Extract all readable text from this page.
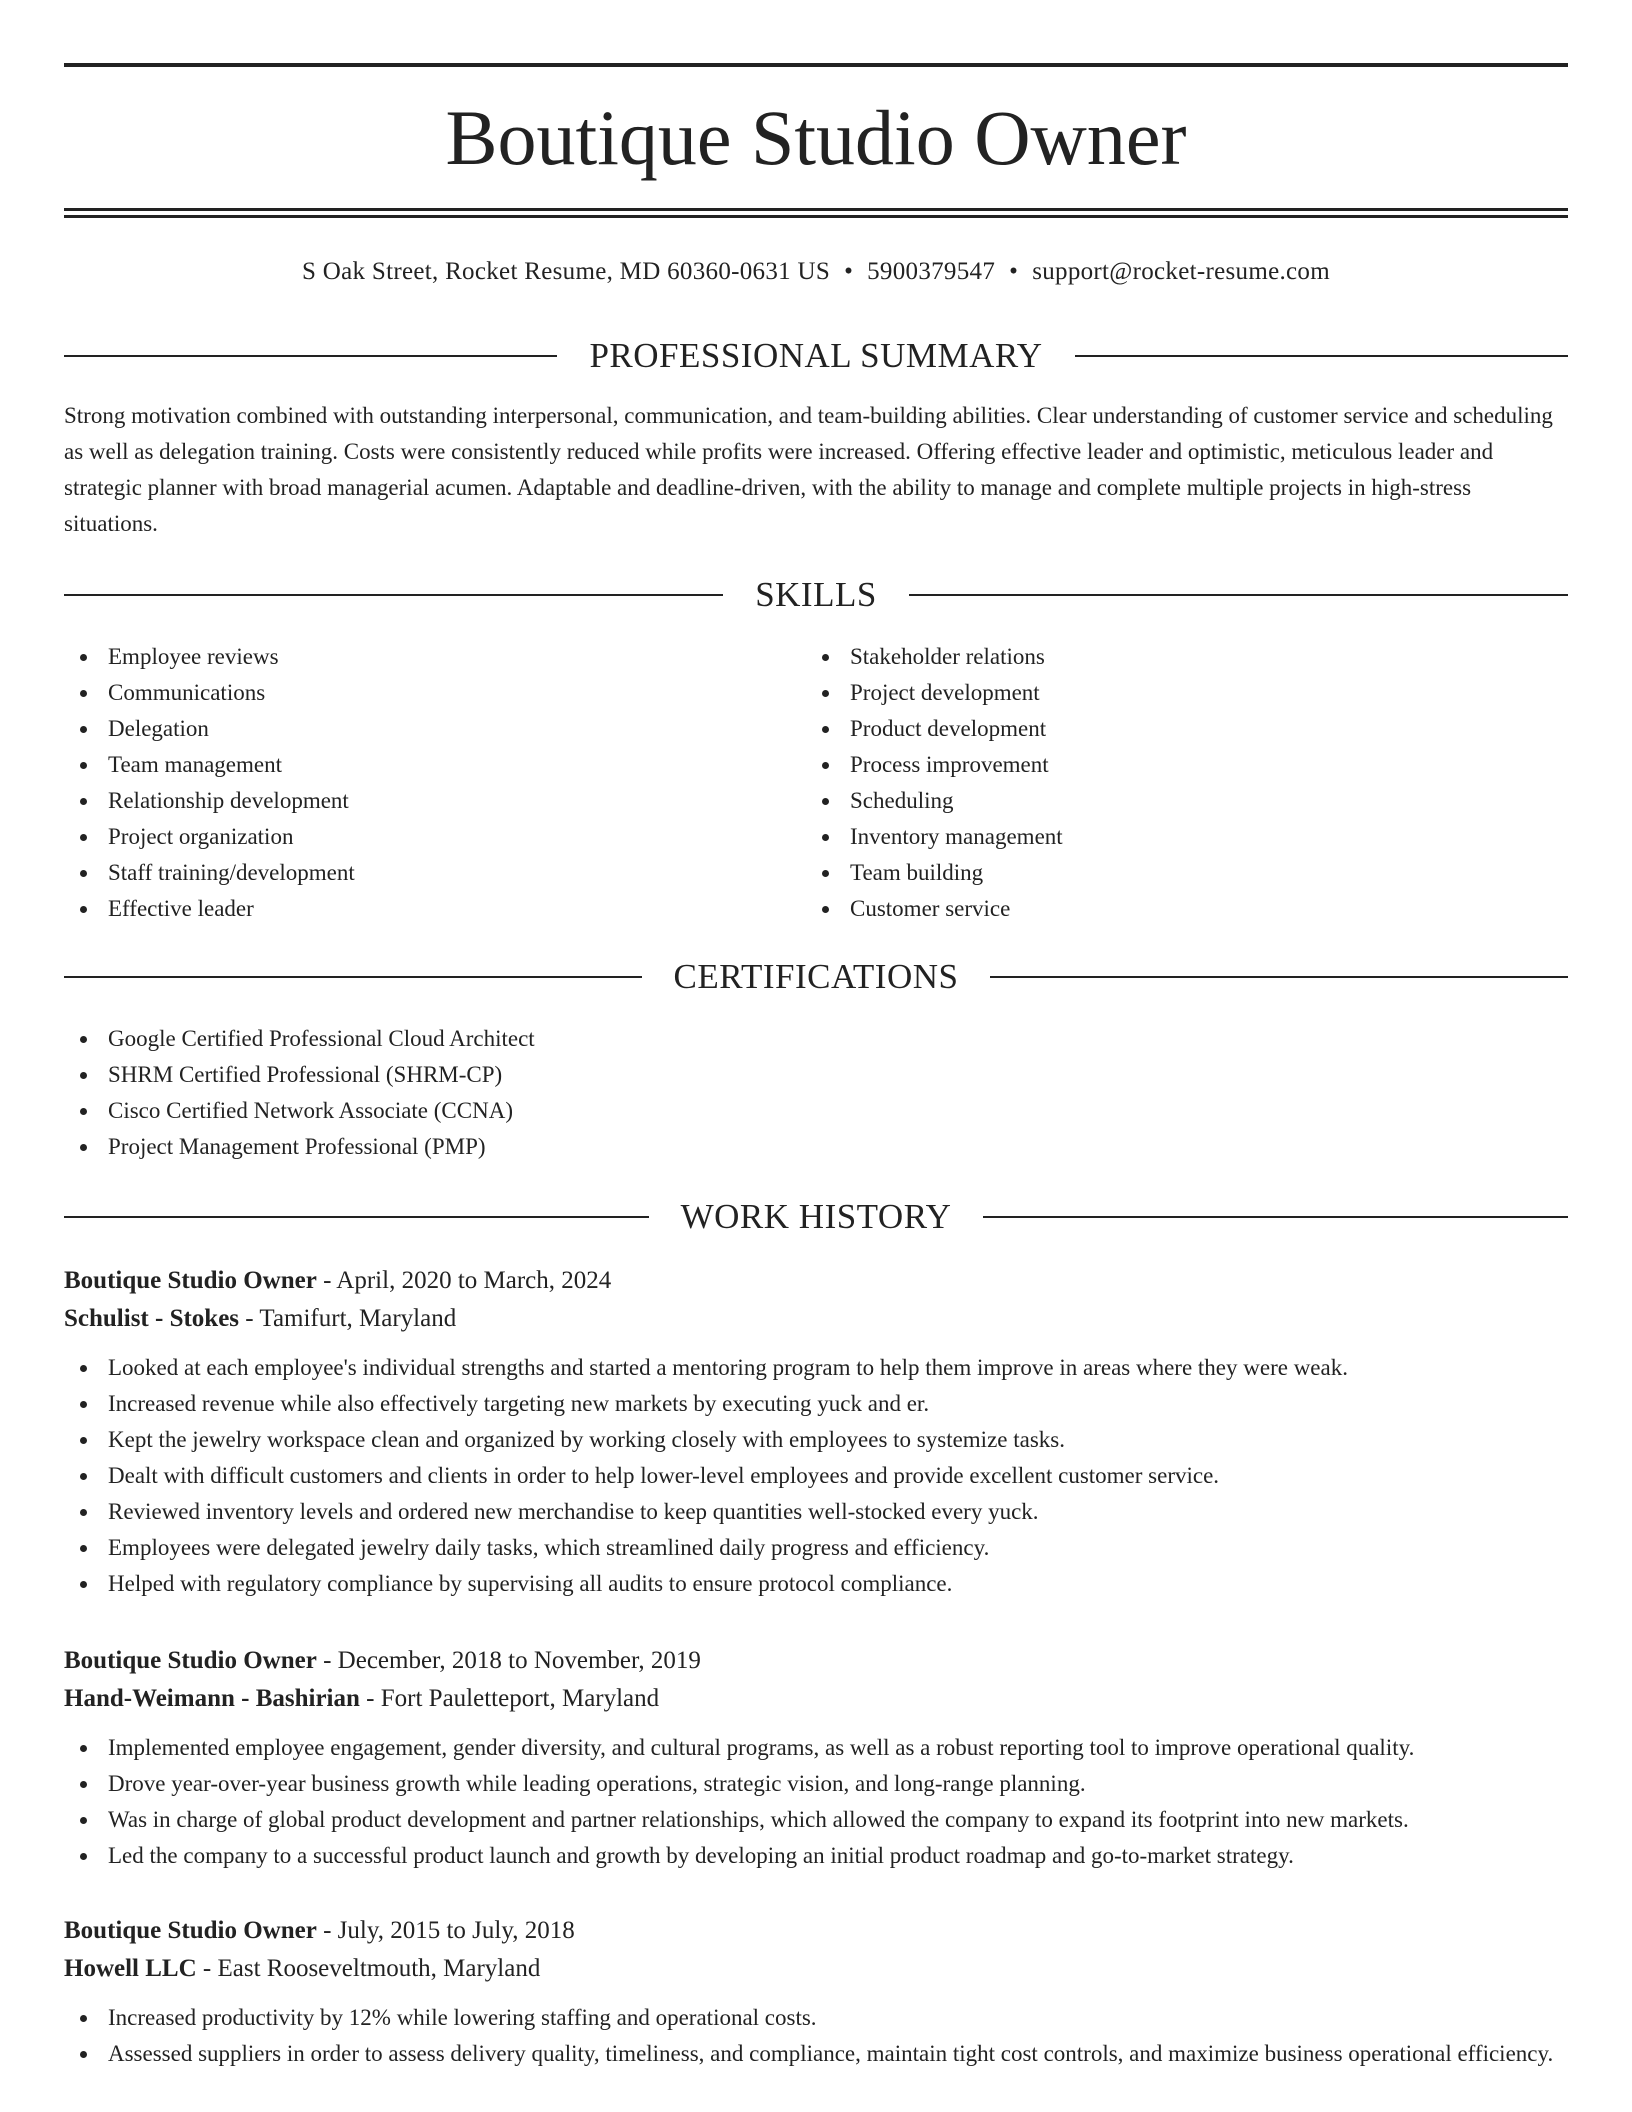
Boutique Studio Owner
S Oak Street, Rocket Resume, MD 60360-0631 US • 5900379547 • support@rocket-resume.com
PROFESSIONAL SUMMARY

Strong motivation combined with outstanding interpersonal, communication, and team-building abilities. Clear understanding of customer service and scheduling as well as delegation training. Costs were consistently reduced while profits were increased. Offering effective leader and optimistic, meticulous leader and strategic planner with broad managerial acumen. Adaptable and deadline-driven, with the ability to manage and complete multiple projects in high-stress situations.

SKILLS
Employee reviews
Communications
Delegation
Team management
Relationship development
Project organization
Staff training/development
Effective leader
Stakeholder relations
Project development
Product development
Process improvement
Scheduling
Inventory management
Team building
Customer service
CERTIFICATIONS
Google Certified Professional Cloud Architect
SHRM Certified Professional (SHRM-CP)
Cisco Certified Network Associate (CCNA)
Project Management Professional (PMP)
WORK HISTORY
Boutique Studio Owner - April, 2020 to March, 2024
Schulist - Stokes - Tamifurt, Maryland
Looked at each employee's individual strengths and started a mentoring program to help them improve in areas where they were weak.
Increased revenue while also effectively targeting new markets by executing yuck and er.
Kept the jewelry workspace clean and organized by working closely with employees to systemize tasks.
Dealt with difficult customers and clients in order to help lower-level employees and provide excellent customer service.
Reviewed inventory levels and ordered new merchandise to keep quantities well-stocked every yuck.
Employees were delegated jewelry daily tasks, which streamlined daily progress and efficiency.
Helped with regulatory compliance by supervising all audits to ensure protocol compliance.
Boutique Studio Owner - December, 2018 to November, 2019
Hand-Weimann - Bashirian - Fort Pauletteport, Maryland
Implemented employee engagement, gender diversity, and cultural programs, as well as a robust reporting tool to improve operational quality.
Drove year-over-year business growth while leading operations, strategic vision, and long-range planning.
Was in charge of global product development and partner relationships, which allowed the company to expand its footprint into new markets.
Led the company to a successful product launch and growth by developing an initial product roadmap and go-to-market strategy.
Boutique Studio Owner - July, 2015 to July, 2018
Howell LLC - East Rooseveltmouth, Maryland
Increased productivity by 12% while lowering staffing and operational costs.
Assessed suppliers in order to assess delivery quality, timeliness, and compliance, maintain tight cost controls, and maximize business operational efficiency.
